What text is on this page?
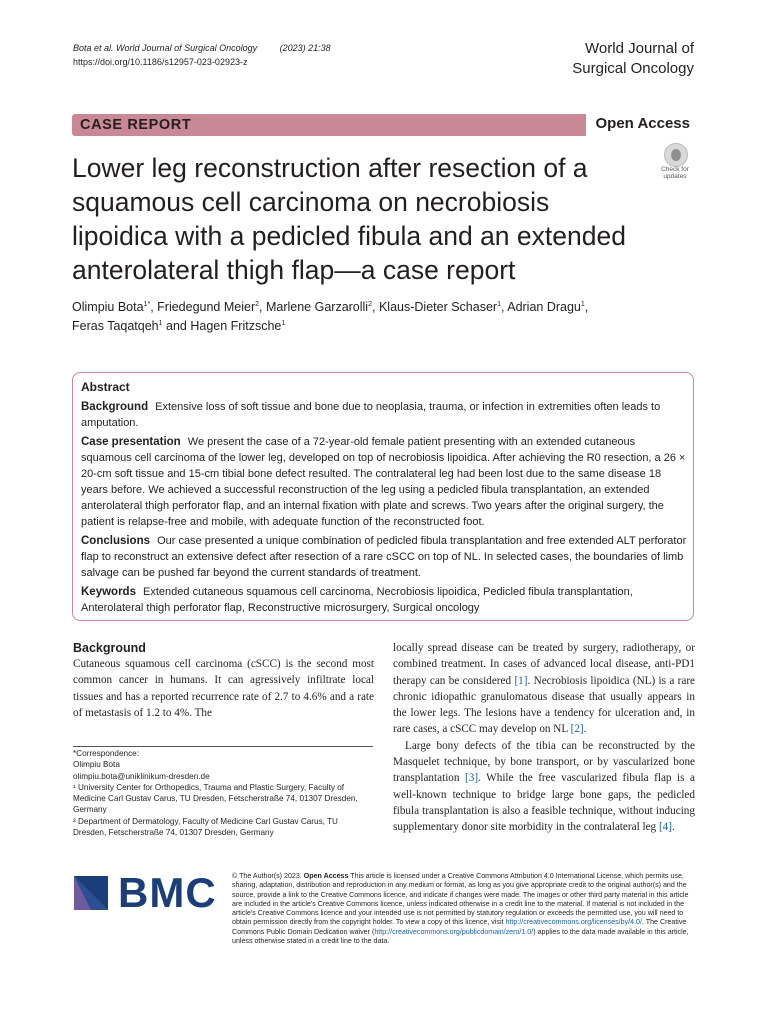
Bota et al. World Journal of Surgical Oncology	(2023) 21:38
https://doi.org/10.1186/s12957-023-02923-z
World Journal of
Surgical Oncology
CASE REPORT	Open Access
Lower leg reconstruction after resection of a squamous cell carcinoma on necrobiosis lipoidica with a pedicled fibula and an extended anterolateral thigh flap—a case report
Check for
updates
Olimpiu Bota$^{1*}$, Friedegund Meier$^2$, Marlene Garzarolli$^2$, Klaus-Dieter Schaser$^1$, Adrian Dragu$^1$,
Feras Taqatqeh$^1$ and Hagen Fritzsche$^1$
Abstract

Background Extensive loss of soft tissue and bone due to neoplasia, trauma, or infection in extremities often leads to amputation.

Case presentation We present the case of a 72-year-old female patient presenting with an extended cutaneous squamous cell carcinoma of the lower leg, developed on top of necrobiosis lipoidica. After achieving the R0 resection, a 26 × 20-cm soft tissue and 15-cm tibial bone defect resulted. The contralateral leg had been lost due to the same disease 18 years before. We achieved a successful reconstruction of the leg using a pedicled fibula transplantation, an extended anterolateral thigh perforator flap, and an internal fixation with plate and screws. Two years after the original surgery, the patient is relapse-free and mobile, with adequate function of the reconstructed foot.

Conclusions Our case presented a unique combination of pedicled fibula transplantation and free extended ALT perforator flap to reconstruct an extensive defect after resection of a rare cSCC on top of NL. In selected cases, the boundaries of limb salvage can be pushed far beyond the current standards of treatment.

Keywords Extended cutaneous squamous cell carcinoma, Necrobiosis lipoidica, Pedicled fibula transplantation, Anterolateral thigh perforator flap, Reconstructive microsurgery, Surgical oncology

Background

Cutaneous squamous cell carcinoma (cSCC) is the second most common cancer in humans. It can agressively infiltrate local tissues and has a reported recurrence rate of 2.7 to 4.6% and a rate of metastasis of 1.2 to 4%. The

*Correspondence:
Olimpiu Bota
olimpiu.bota@uniklinikum-dresden.de
¹ University Center for Orthopedics, Trauma and Plastic Surgery, Faculty of Medicine Carl Gustav Carus, TU Dresden, Fetscherstraße 74, 01307 Dresden, Germany
² Department of Dermatology, Faculty of Medicine Carl Gustav Carus, TU Dresden, Fetscherstraße 74, 01307 Dresden, Germany

locally spread disease can be treated by surgery, radiotherapy, or combined treatment. In cases of advanced local disease, anti-PD1 therapy can be considered [1]. Necrobiosis lipoidica (NL) is a rare chronic idiopathic granulomatous disease that usually appears in the lower legs. The lesions have a tendency for ulceration and, in rare cases, a cSCC may develop on NL [2].

Large bony defects of the tibia can be reconstructed by the Masquelet technique, by bone transport, or by vascularized bone transplantation [3]. While the free vascularized fibula flap is a well-known technique to bridge large bone gaps, the pedicled fibula transplantation is also a feasible technique, without inducing supplementary donor site morbidity in the contralateral leg [4].

BMC © The Author(s) 2023. Open Access This article is licensed under a Creative Commons Attribution 4.0 International License, which permits use, sharing, adaptation, distribution and reproduction in any medium or format, as long as you give appropriate credit to the original author(s) and the source, provide a link to the Creative Commons licence, and indicate if changes were made. The images or other third party material in this article are included in the article's Creative Commons licence, unless indicated otherwise in a credit line to the material. If material is not included in the article's Creative Commons licence and your intended use is not permitted by statutory regulation or exceeds the permitted use, you will need to obtain permission directly from the copyright holder. To view a copy of this licence, visit http://creativecommons.org/licenses/by/4.0/. The Creative Commons Public Domain Dedication waiver (http://creativecommons.org/publicdomain/zero/1.0/) applies to the data made available in this article, unless otherwise stated in a credit line to the data.
